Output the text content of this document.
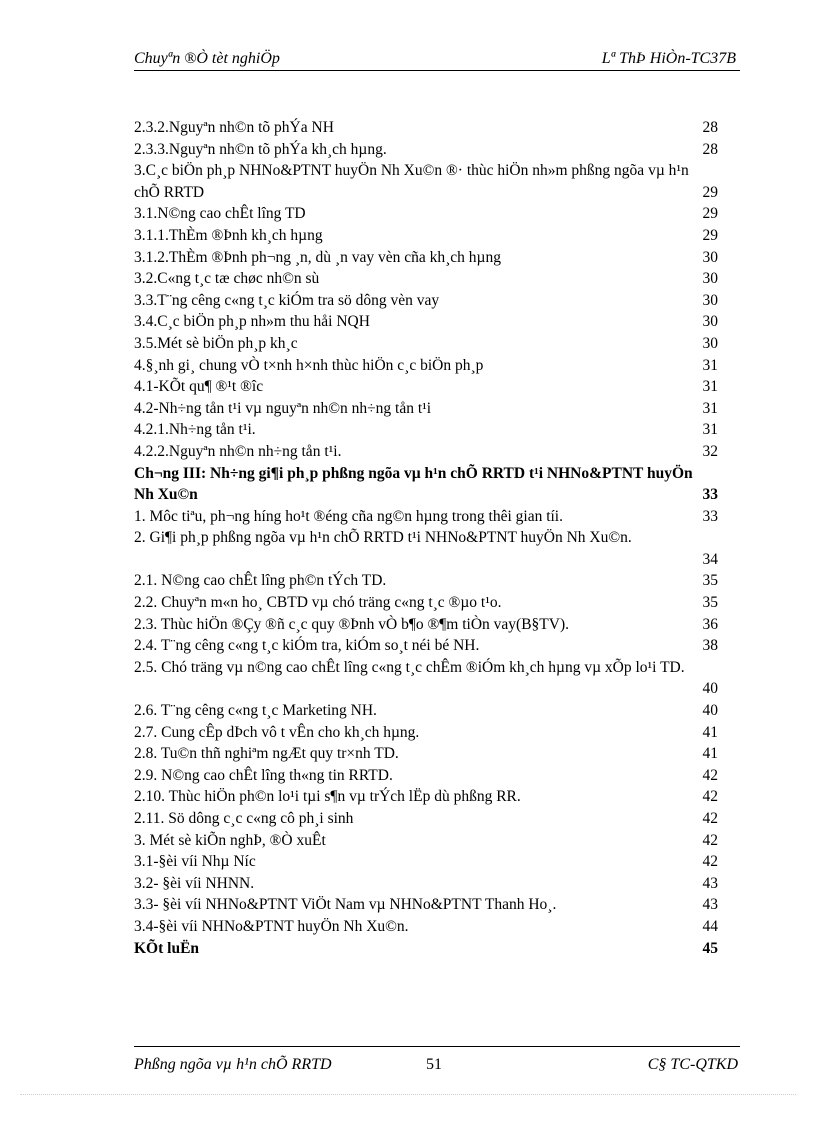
Chuyªn ®Ò tèt nghiÖp	Lª ThÞ HiÒn-TC37B
2.3.2.Nguyªn nh©n tõ phÝa NH	28
2.3.3.Nguyªn nh©n tõ phÝa kh¸ch hµng.	28
3.C¸c biÖn ph¸p NHNo&PTNT huyÖn Nh Xu©n ®· thùc hiÖn nh»m phßng ngõa vµ h¹n chÕ RRTD	29
3.1.N©ng cao chÊt lîng TD	29
3.1.1.ThÈm ®Þnh kh¸ch hµng	29
3.1.2.ThÈm ®Þnh ph¬ng ¸n, dù ¸n vay vèn cña kh¸ch hµng	30
3.2.C«ng t¸c tæ chøc nh©n sù	30
3.3.T¨ng cêng c«ng t¸c kiÓm tra sö dông vèn vay	30
3.4.C¸c biÖn ph¸p nh»m thu håi NQH	30
3.5.Mét sè biÖn ph¸p kh¸c	30
4.§¸nh gi¸ chung vÒ t×nh h×nh thùc hiÖn c¸c biÖn ph¸p	31
4.1-KÕt qu¶ ®¹t ®îc	31
4.2-Nh÷ng tån t¹i vµ nguyªn nh©n nh÷ng tån t¹i	31
4.2.1.Nh÷ng tån t¹i.	31
4.2.2.Nguyªn nh©n nh÷ng tån t¹i.	32
Ch¬ng III: Nh÷ng gi¶i ph¸p phßng ngõa vµ h¹n chÕ RRTD t¹i NHNo&PTNT huyÖn Nh Xu©n	33
1. Môc tiªu, ph¬ng híng ho¹t ®éng cña ng©n hµng trong thêi gian tíi.	33
2. Gi¶i ph¸p phßng ngõa vµ h¹n chÕ RRTD t¹i NHNo&PTNT huyÖn Nh Xu©n.
34
2.1. N©ng cao chÊt lîng ph©n tÝch TD.	35
2.2. Chuyªn m«n ho¸ CBTD vµ chó träng c«ng t¸c ®µo t¹o.	35
2.3. Thùc hiÖn ®Çy ®ñ c¸c quy ®Þnh vÒ b¶o ®¶m tiÒn vay(B§TV).	36
2.4. T¨ng cêng c«ng t¸c kiÓm tra, kiÓm so¸t néi bé NH.	38
2.5. Chó träng vµ n©ng cao chÊt lîng c«ng t¸c chÊm ®iÓm kh¸ch hµng vµ xÕp lo¹i TD.
40
2.6. T¨ng cêng c«ng t¸c Marketing NH.	40
2.7. Cung cÊp dÞch vô t vÊn cho kh¸ch hµng.	41
2.8. Tu©n thñ nghiªm ngÆt quy tr×nh TD.	41
2.9. N©ng cao chÊt lîng th«ng tin RRTD.	42
2.10. Thùc hiÖn ph©n lo¹i tµi s¶n vµ trÝch lËp dù phßng RR.	42
2.11. Sö dông c¸c c«ng cô ph¸i sinh	42
3. Mét sè kiÕn nghÞ, ®Ò xuÊt	42
3.1-§èi víi Nhµ Níc	42
3.2- §èi víi NHNN.	43
3.3- §èi víi NHNo&PTNT ViÖt Nam vµ NHNo&PTNT Thanh Ho¸.	43
3.4-§èi víi NHNo&PTNT huyÖn Nh Xu©n.	44
KÕt luËn	45
Phßng ngõa vµ h¹n chÕ RRTD	51	C§ TC-QTKD
